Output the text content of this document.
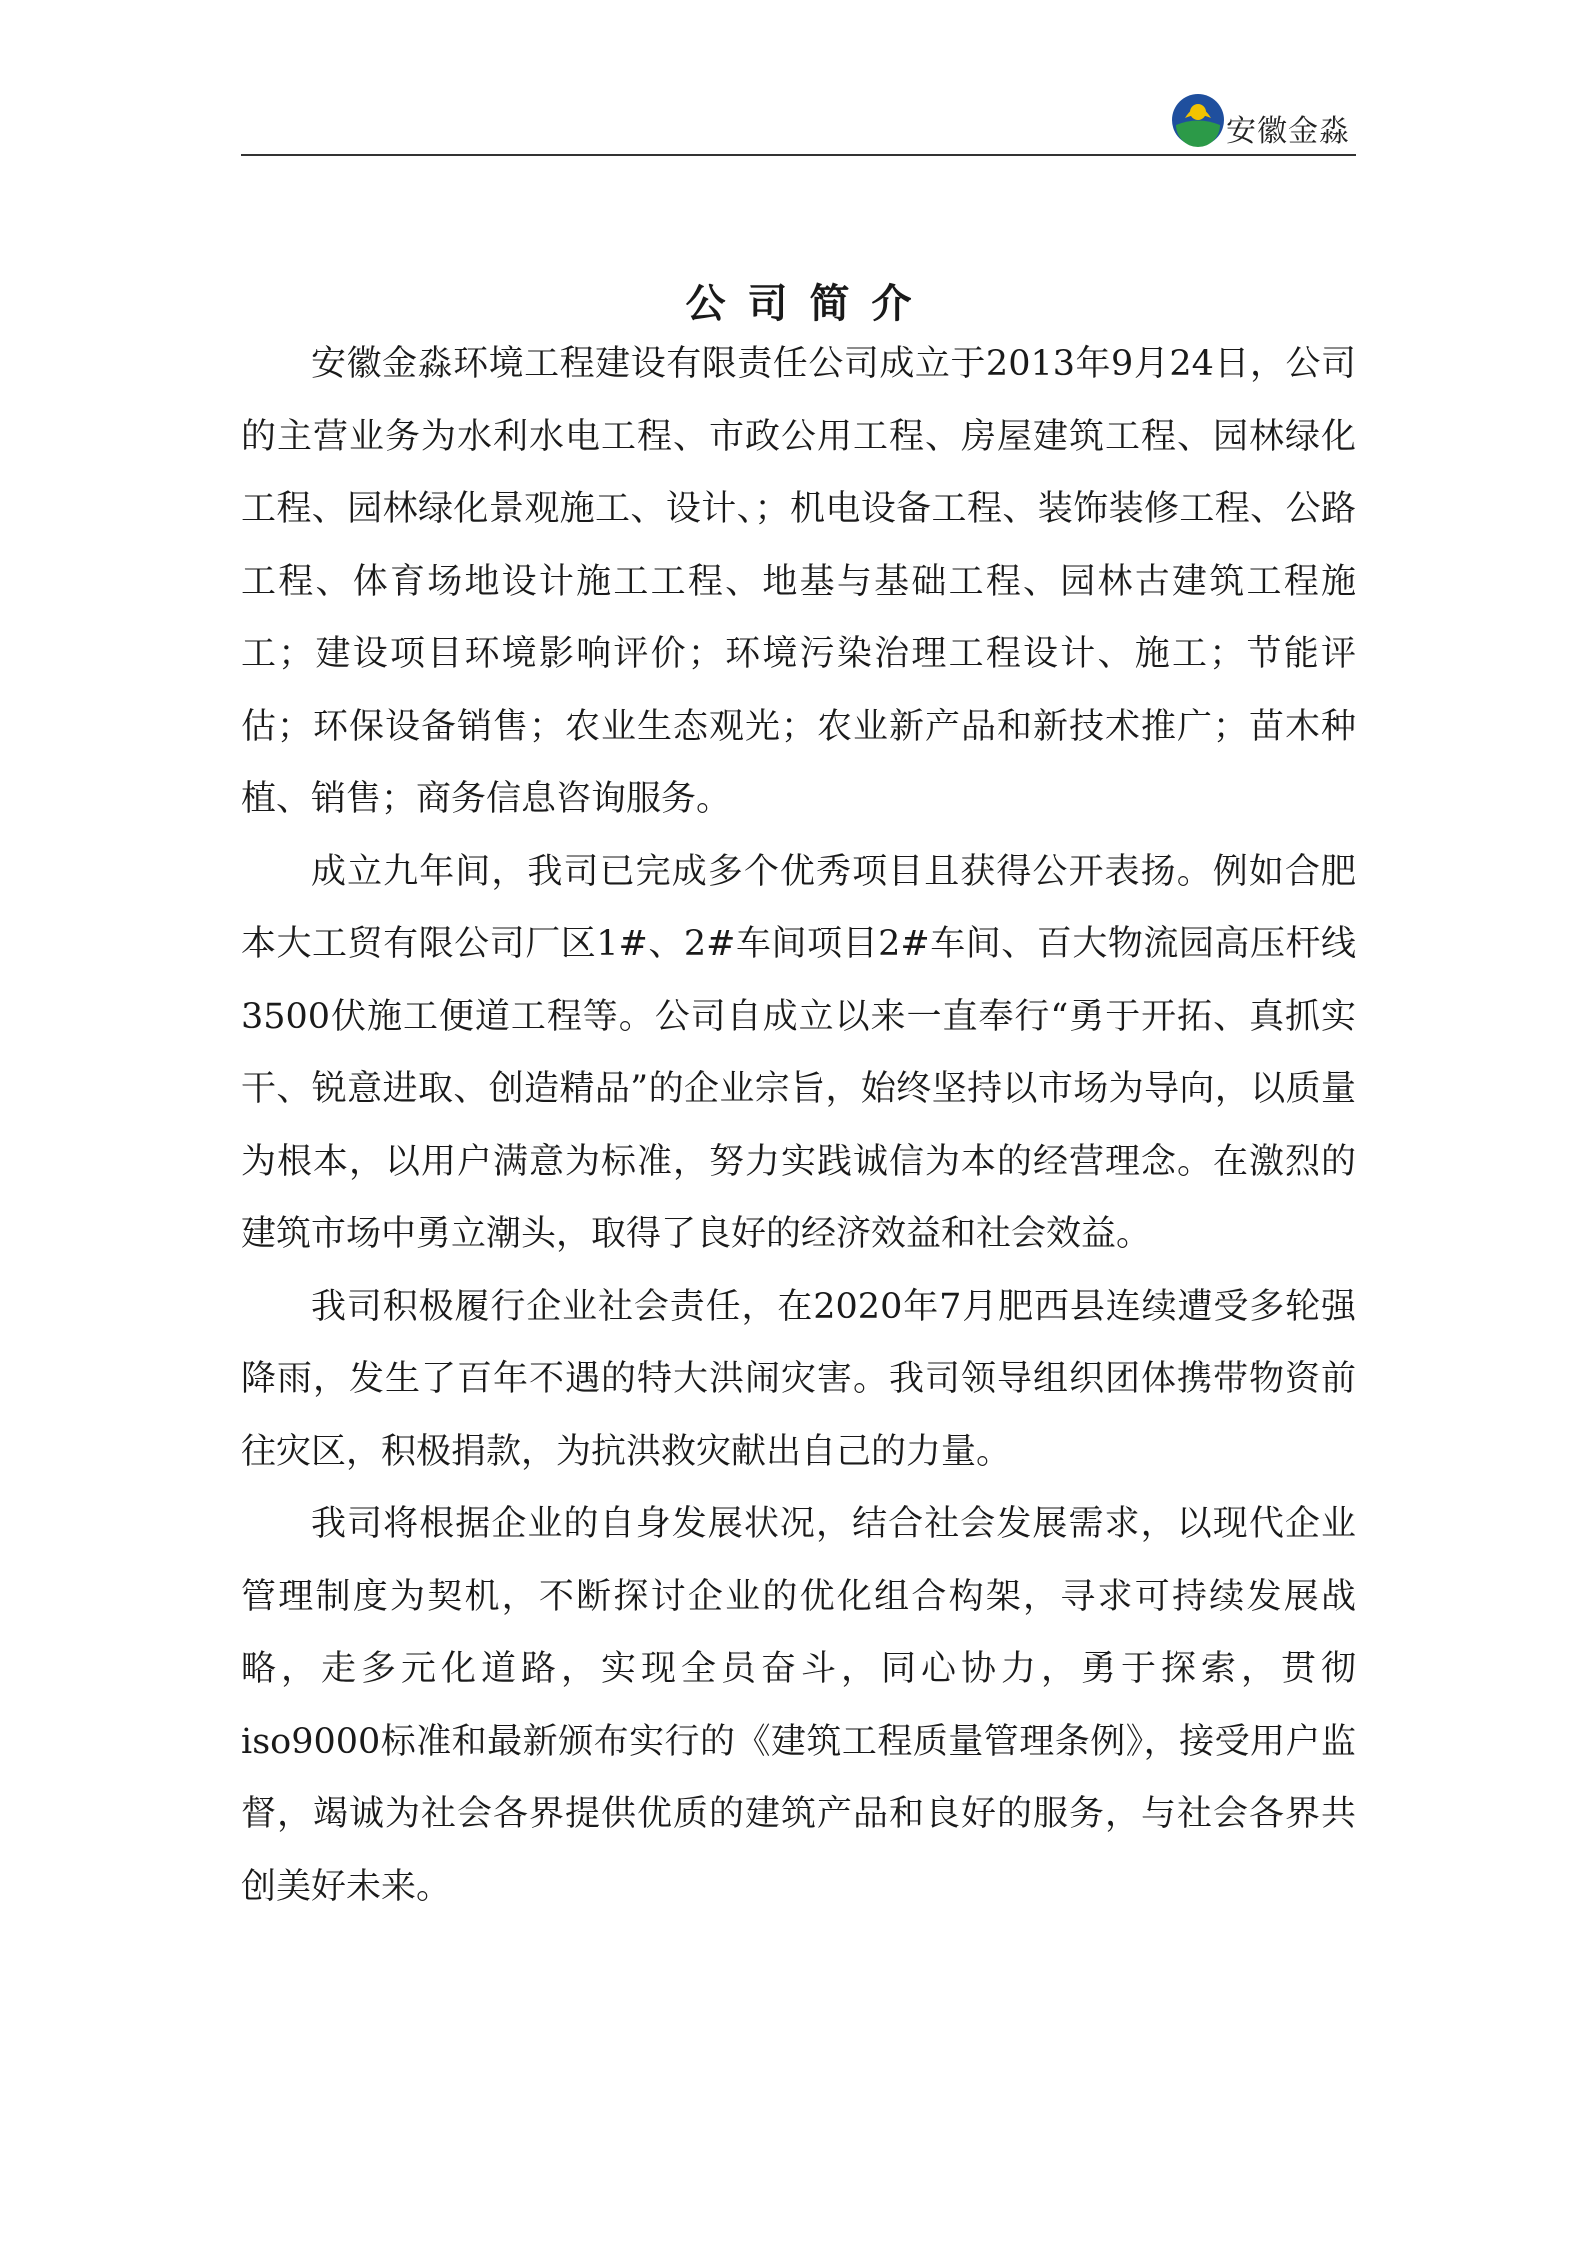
安徽金淼
公司简介

安徽金淼环境工程建设有限责任公司成立于2013年9月24日，公司的主营业务为水利水电工程、市政公用工程、房屋建筑工程、园林绿化工程、园林绿化景观施工、设计、；机电设备工程、装饰装修工程、公路工程、体育场地设计施工工程、地基与基础工程、园林古建筑工程施工；建设项目环境影响评价；环境污染治理工程设计、施工；节能评估；环保设备销售；农业生态观光；农业新产品和新技术推广；苗木种植、销售；商务信息咨询服务。

成立九年间，我司已完成多个优秀项目且获得公开表扬。例如合肥本大工贸有限公司厂区1#、2#车间项目2#车间、百大物流园高压杆线3500伏施工便道工程等。公司自成立以来一直奉行“勇于开拓、真抓实干、锐意进取、创造精品”的企业宗旨，始终坚持以市场为导向，以质量为根本，以用户满意为标准，努力实践诚信为本的经营理念。在激烈的建筑市场中勇立潮头，取得了良好的经济效益和社会效益。

我司积极履行企业社会责任，在2020年7月肥西县连续遭受多轮强降雨，发生了百年不遇的特大洪闹灾害。我司领导组织团体携带物资前往灾区，积极捐款，为抗洪救灾献出自己的力量。

我司将根据企业的自身发展状况，结合社会发展需求，以现代企业管理制度为契机，不断探讨企业的优化组合构架，寻求可持续发展战略，走多元化道路，实现全员奋斗，同心协力，勇于探索，贯彻iso9000标准和最新颁布实行的《建筑工程质量管理条例》，接受用户监督，竭诚为社会各界提供优质的建筑产品和良好的服务，与社会各界共创美好未来。
